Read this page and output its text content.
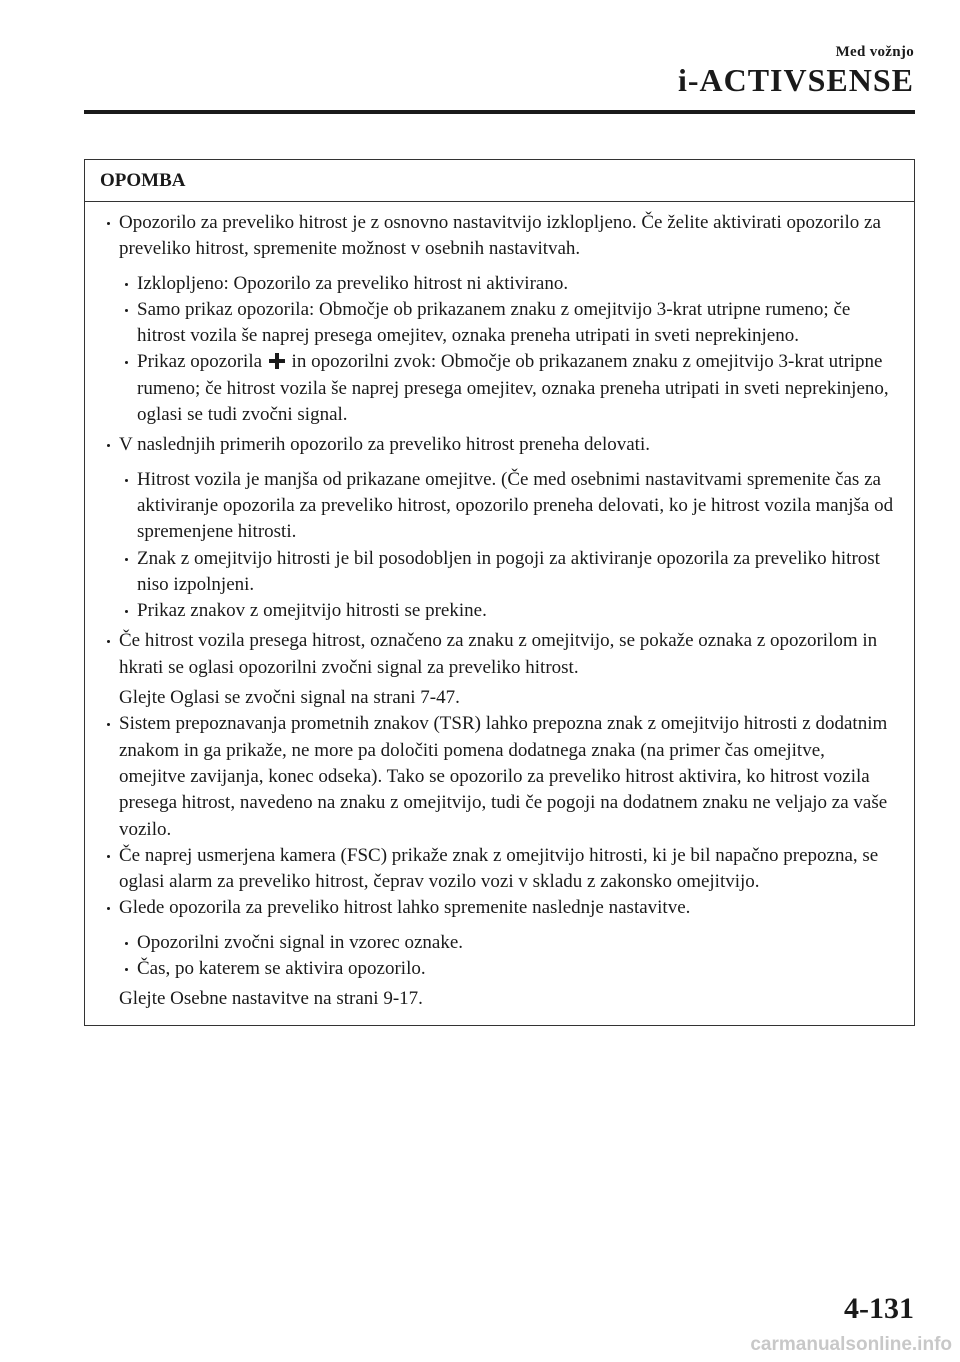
Med vožnjo
i-ACTIVSENSE
OPOMBA
Opozorilo za preveliko hitrost je z osnovno nastavitvijo izklopljeno. Če želite aktivirati opozorilo za preveliko hitrost, spremenite možnost v osebnih nastavitvah.
Izklopljeno: Opozorilo za preveliko hitrost ni aktivirano.
Samo prikaz opozorila: Območje ob prikazanem znaku z omejitvijo 3-krat utripne rumeno; če hitrost vozila še naprej presega omejitev, oznaka preneha utripati in sveti neprekinjeno.
Prikaz opozorila in opozorilni zvok: Območje ob prikazanem znaku z omejitvijo 3-krat utripne rumeno; če hitrost vozila še naprej presega omejitev, oznaka preneha utripati in sveti neprekinjeno, oglasi se tudi zvočni signal.
V naslednjih primerih opozorilo za preveliko hitrost preneha delovati.
Hitrost vozila je manjša od prikazane omejitve. (Če med osebnimi nastavitvami spremenite čas za aktiviranje opozorila za preveliko hitrost, opozorilo preneha delovati, ko je hitrost vozila manjša od spremenjene hitrosti.
Znak z omejitvijo hitrosti je bil posodobljen in pogoji za aktiviranje opozorila za preveliko hitrost niso izpolnjeni.
Prikaz znakov z omejitvijo hitrosti se prekine.
Če hitrost vozila presega hitrost, označeno za znaku z omejitvijo, se pokaže oznaka z opozorilom in hkrati se oglasi opozorilni zvočni signal za preveliko hitrost.
Glejte Oglasi se zvočni signal na strani 7-47.
Sistem prepoznavanja prometnih znakov (TSR) lahko prepozna znak z omejitvijo hitrosti z dodatnim znakom in ga prikaže, ne more pa določiti pomena dodatnega znaka (na primer čas omejitve, omejitve zavijanja, konec odseka). Tako se opozorilo za preveliko hitrost aktivira, ko hitrost vozila presega hitrost, navedeno na znaku z omejitvijo, tudi če pogoji na dodatnem znaku ne veljajo za vaše vozilo.
Če naprej usmerjena kamera (FSC) prikaže znak z omejitvijo hitrosti, ki je bil napačno prepozna, se oglasi alarm za preveliko hitrost, čeprav vozilo vozi v skladu z zakonsko omejitvijo.
Glede opozorila za preveliko hitrost lahko spremenite naslednje nastavitve.
Opozorilni zvočni signal in vzorec oznake.
Čas, po katerem se aktivira opozorilo.
Glejte Osebne nastavitve na strani 9-17.
4-131
carmanualsonline.info
